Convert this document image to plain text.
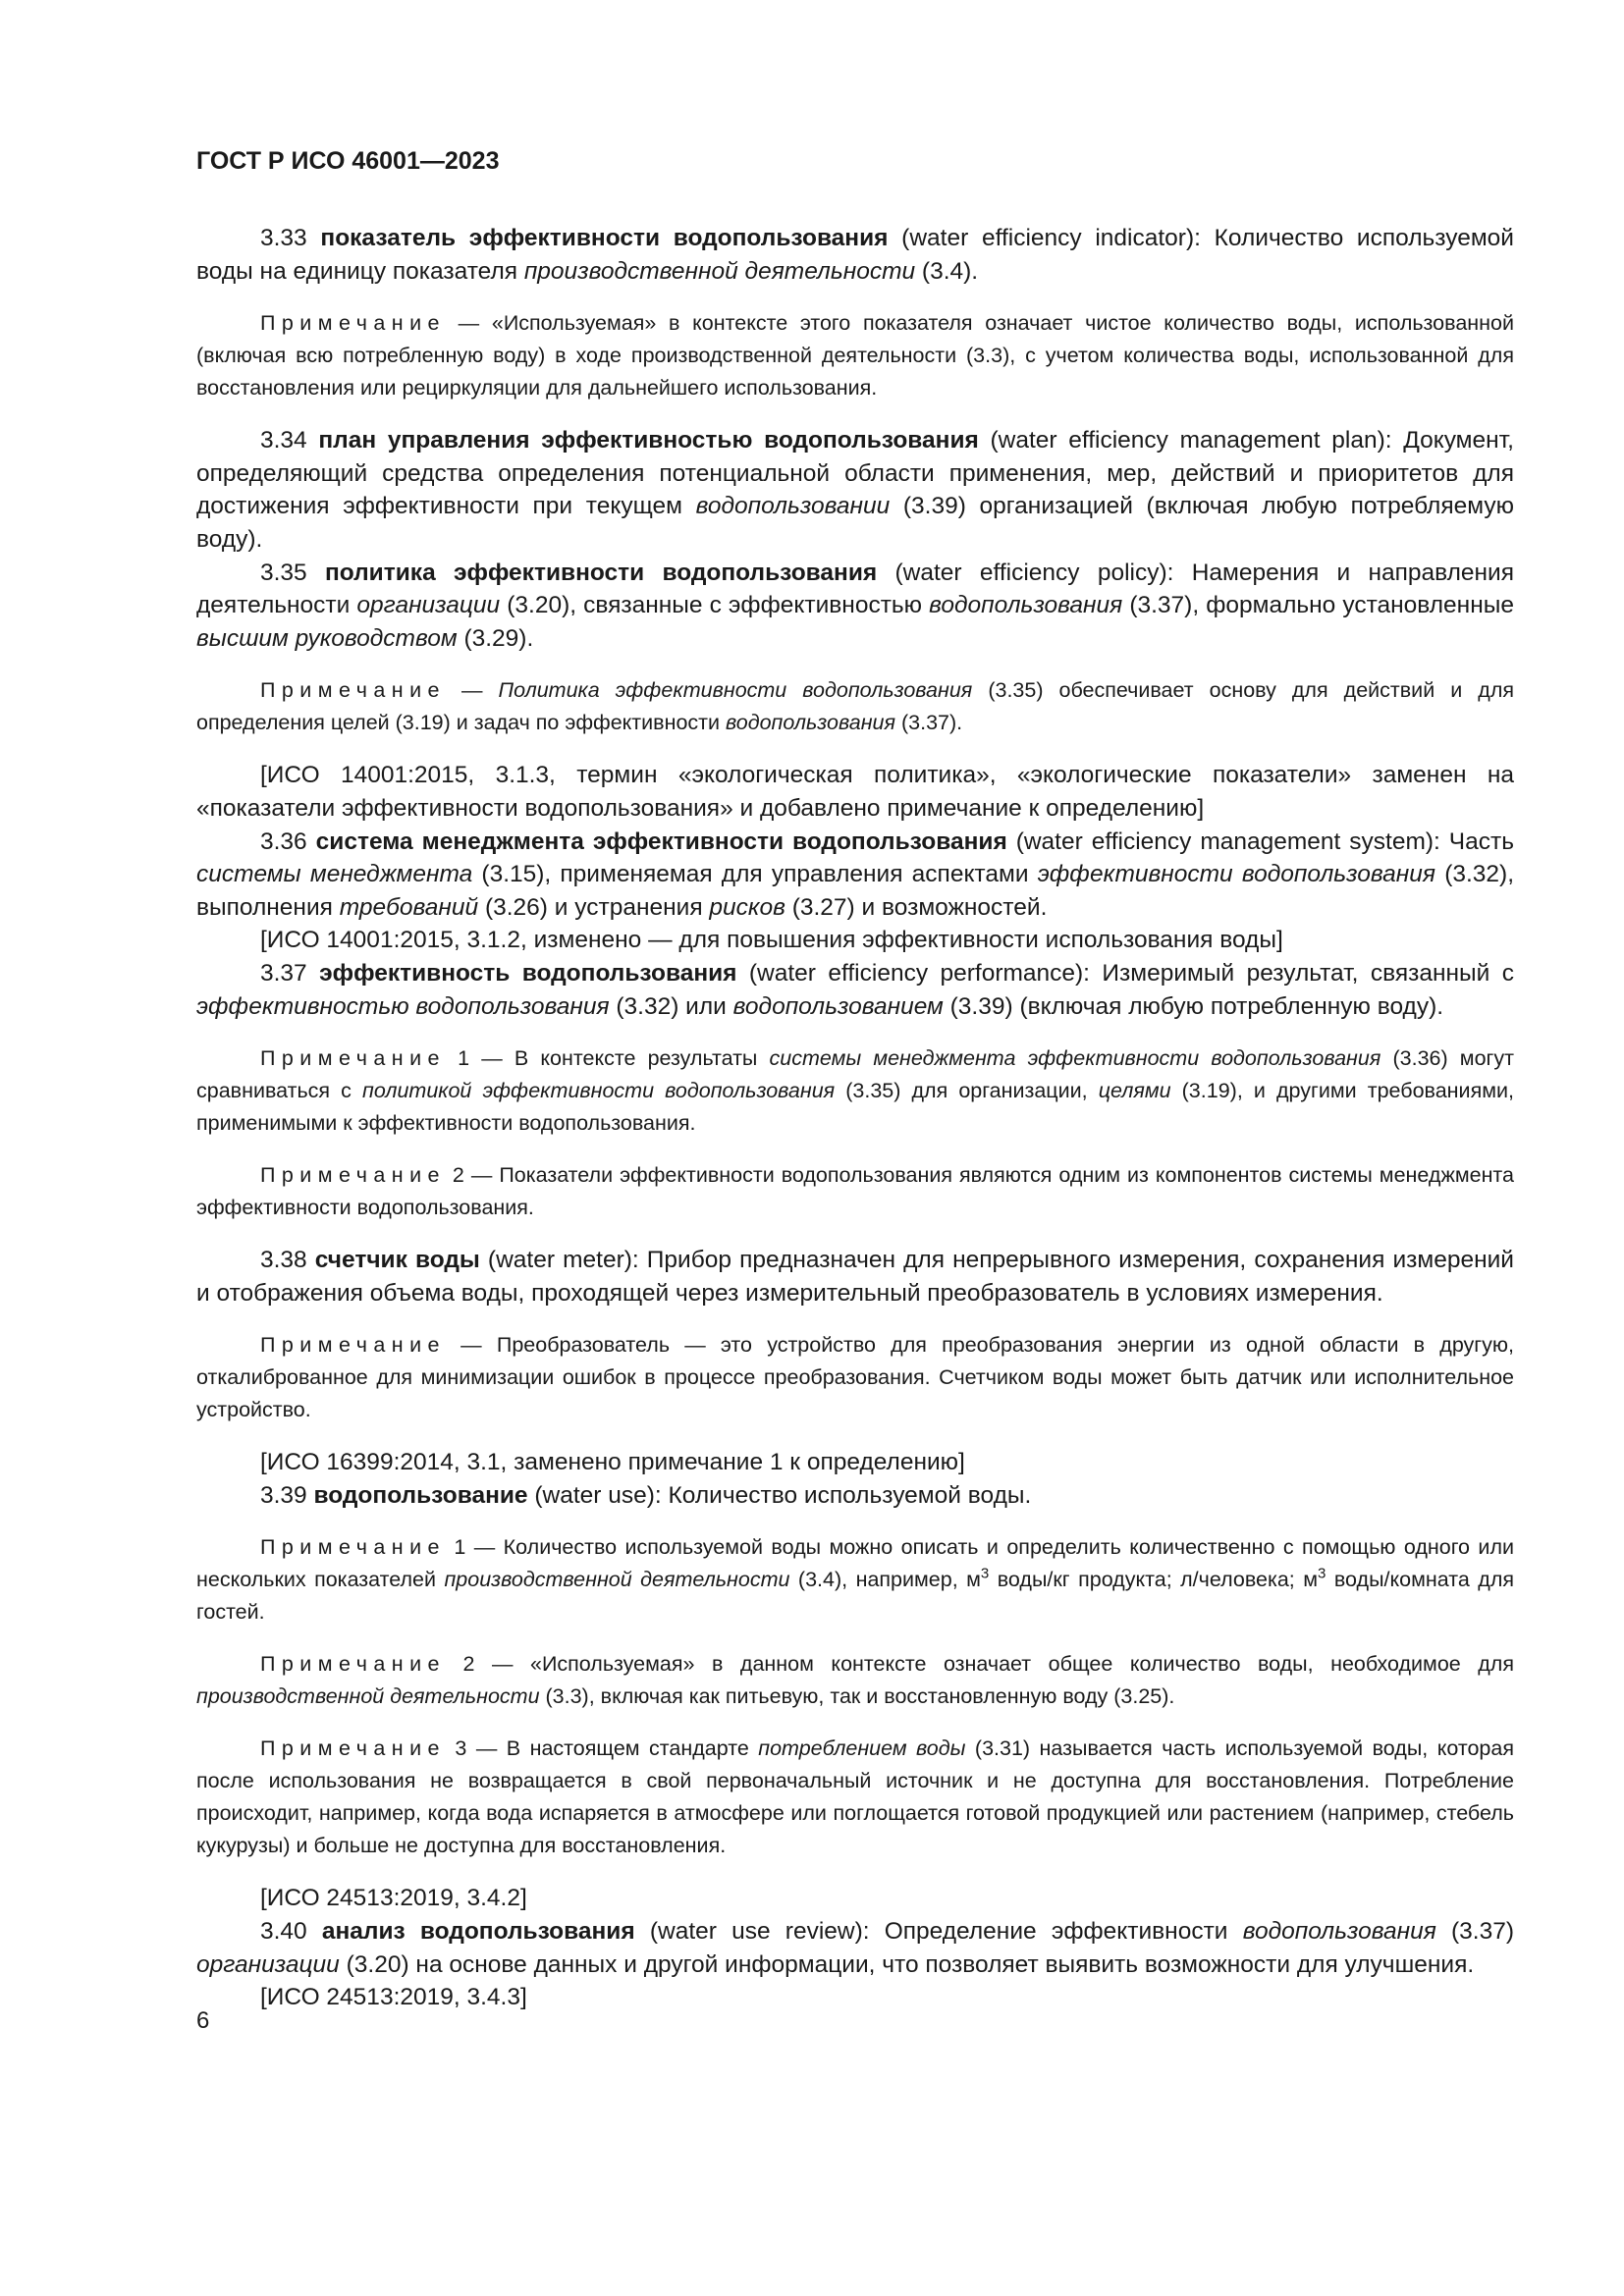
ГОСТ Р ИСО 46001—2023

3.33 показатель эффективности водопользования (water efficiency indicator): Количество используемой воды на единицу показателя производственной деятельности (3.4).

Примечание — «Используемая» в контексте этого показателя означает чистое количество воды, использованной (включая всю потребленную воду) в ходе производственной деятельности (3.3), с учетом количества воды, использованной для восстановления или рециркуляции для дальнейшего использования.

3.34 план управления эффективностью водопользования (water efficiency management plan): Документ, определяющий средства определения потенциальной области применения, мер, действий и приоритетов для достижения эффективности при текущем водопользовании (3.39) организацией (включая любую потребляемую воду).

3.35 политика эффективности водопользования (water efficiency policy): Намерения и направления деятельности организации (3.20), связанные с эффективностью водопользования (3.37), формально установленные высшим руководством (3.29).

Примечание — Политика эффективности водопользования (3.35) обеспечивает основу для действий и для определения целей (3.19) и задач по эффективности водопользования (3.37).

[ИСО 14001:2015, 3.1.3, термин «экологическая политика», «экологические показатели» заменен на «показатели эффективности водопользования» и добавлено примечание к определению]

3.36 система менеджмента эффективности водопользования (water efficiency management system): Часть системы менеджмента (3.15), применяемая для управления аспектами эффективности водопользования (3.32), выполнения требований (3.26) и устранения рисков (3.27) и возможностей.

[ИСО 14001:2015, 3.1.2, изменено — для повышения эффективности использования воды]

3.37 эффективность водопользования (water efficiency performance): Измеримый результат, связанный с эффективностью водопользования (3.32) или водопользованием (3.39) (включая любую потребленную воду).

Примечание 1 — В контексте результаты системы менеджмента эффективности водопользования (3.36) могут сравниваться с политикой эффективности водопользования (3.35) для организации, целями (3.19), и другими требованиями, применимыми к эффективности водопользования.

Примечание 2 — Показатели эффективности водопользования являются одним из компонентов системы менеджмента эффективности водопользования.

3.38 счетчик воды (water meter): Прибор предназначен для непрерывного измерения, сохранения измерений и отображения объема воды, проходящей через измерительный преобразователь в условиях измерения.

Примечание — Преобразователь — это устройство для преобразования энергии из одной области в другую, откалиброванное для минимизации ошибок в процессе преобразования. Счетчиком воды может быть датчик или исполнительное устройство.

[ИСО 16399:2014, 3.1, заменено примечание 1 к определению]

3.39 водопользование (water use): Количество используемой воды.

Примечание 1 — Количество используемой воды можно описать и определить количественно с помощью одного или нескольких показателей производственной деятельности (3.4), например, $м^3$ воды/кг продукта; л/человека; $м^3$ воды/комната для гостей.

Примечание 2 — «Используемая» в данном контексте означает общее количество воды, необходимое для производственной деятельности (3.3), включая как питьевую, так и восстановленную воду (3.25).

Примечание 3 — В настоящем стандарте потреблением воды (3.31) называется часть используемой воды, которая после использования не возвращается в свой первоначальный источник и не доступна для восстановления. Потребление происходит, например, когда вода испаряется в атмосфере или поглощается готовой продукцией или растением (например, стебель кукурузы) и больше не доступна для восстановления.

[ИСО 24513:2019, 3.4.2]

3.40 анализ водопользования (water use review): Определение эффективности водопользования (3.37) организации (3.20) на основе данных и другой информации, что позволяет выявить возможности для улучшения.

[ИСО 24513:2019, 3.4.3]

6
